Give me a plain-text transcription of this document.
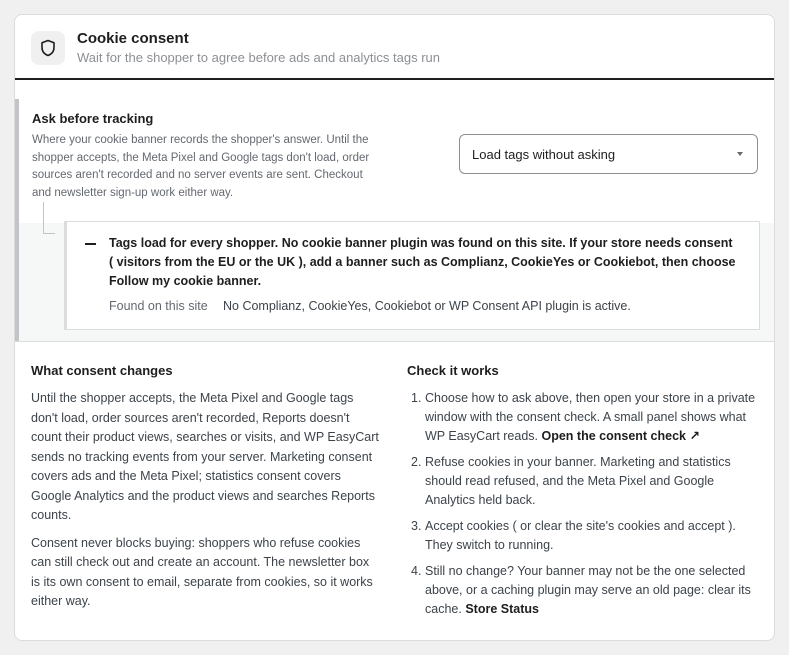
Cookie consent
Wait for the shopper to agree before ads and analytics tags run
Ask before tracking
Where your cookie banner records the shopper's answer. Until the shopper accepts, the Meta Pixel and Google tags don't load, order sources aren't recorded and no server events are sent. Checkout and newsletter sign-up work either way.
Load tags without asking
Tags load for every shopper. No cookie banner plugin was found on this site. If your store needs consent ( visitors from the EU or the UK ), add a banner such as Complianz, CookieYes or Cookiebot, then choose Follow my cookie banner.
Found on this site No Complianz, CookieYes, Cookiebot or WP Consent API plugin is active.
What consent changes

Until the shopper accepts, the Meta Pixel and Google tags don't load, order sources aren't recorded, Reports doesn't count their product views, searches or visits, and WP EasyCart sends no tracking events from your server. Marketing consent covers ads and the Meta Pixel; statistics consent covers Google Analytics and the product views and searches Reports counts.

Consent never blocks buying: shoppers who refuse cookies can still check out and create an account. The newsletter box is its own consent to email, separate from cookies, so it works either way.

Check it works
1. Choose how to ask above, then open your store in a private window with the consent check. A small panel shows what WP EasyCart reads. Open the consent check ↗
2. Refuse cookies in your banner. Marketing and statistics should read refused, and the Meta Pixel and Google Analytics held back.
3. Accept cookies ( or clear the site's cookies and accept ). They switch to running.
4. Still no change? Your banner may not be the one selected above, or a caching plugin may serve an old page: clear its cache. Store Status
